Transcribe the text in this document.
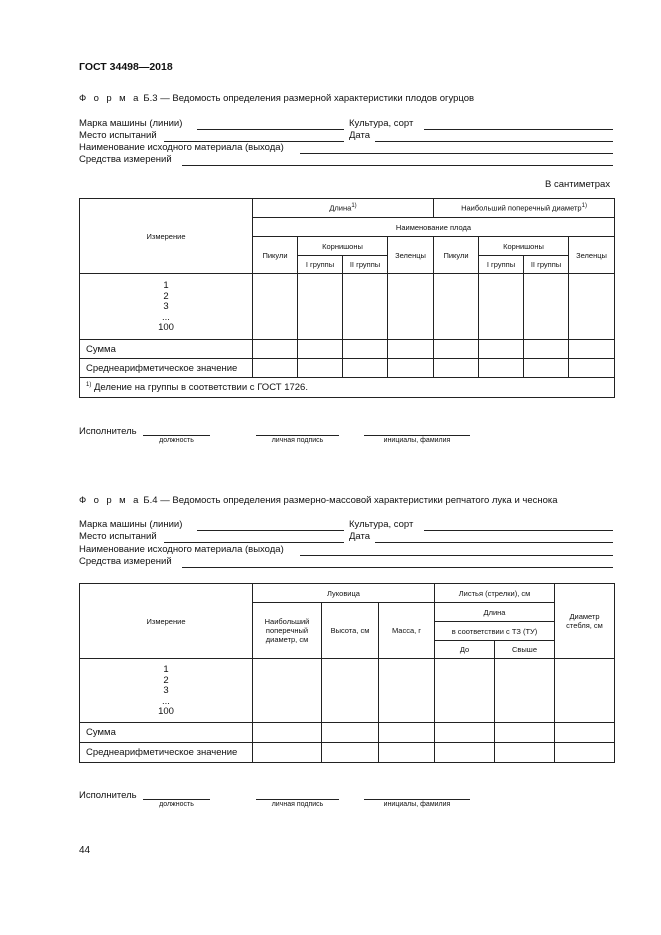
ГОСТ 34498—2018
Ф о р м а Б.3 — Ведомость определения размерной характеристики плодов огурцов
Марка машины (линии)	Культура, сорт
Место испытаний	Дата
Наименование исходного материала (выхода)
Средства измерений
В сантиметрах
Измерение	Длина$^{1)}$				Наибольший поперечный диаметр$^{1)}$
	Наименование плода							
	Пикули	Корнишоны		Зеленцы	Пикули	Корнишоны		Зеленцы
		I группы	II группы			I группы	II группы	

1
2
3
...
100								

Сумма								
Среднеарифметическое значение								
$^{1)}$ Деление на группы в соответствии с ГОСТ 1726.								
Исполнитель
должность	личная подпись	инициалы, фамилия
Ф о р м а Б.4 — Ведомость определения размерно-массовой характеристики репчатого лука и чеснока
Марка машины (линии)	Культура, сорт
Место испытаний	Дата
Наименование исходного материала (выхода)
Средства измерений
Измерение	Луковица			Листья (стрелки), см		Диаметр стебля, см
	Наибольший поперечный диаметр, см	Высота, см	Масса, г	Длина		
				в соответствии с ТЗ (ТУ)		
				До	Свыше	

1
2
3
...
100						

Сумма						
Среднеарифметическое значение						
Исполнитель
должность	личная подпись	инициалы, фамилия
44
